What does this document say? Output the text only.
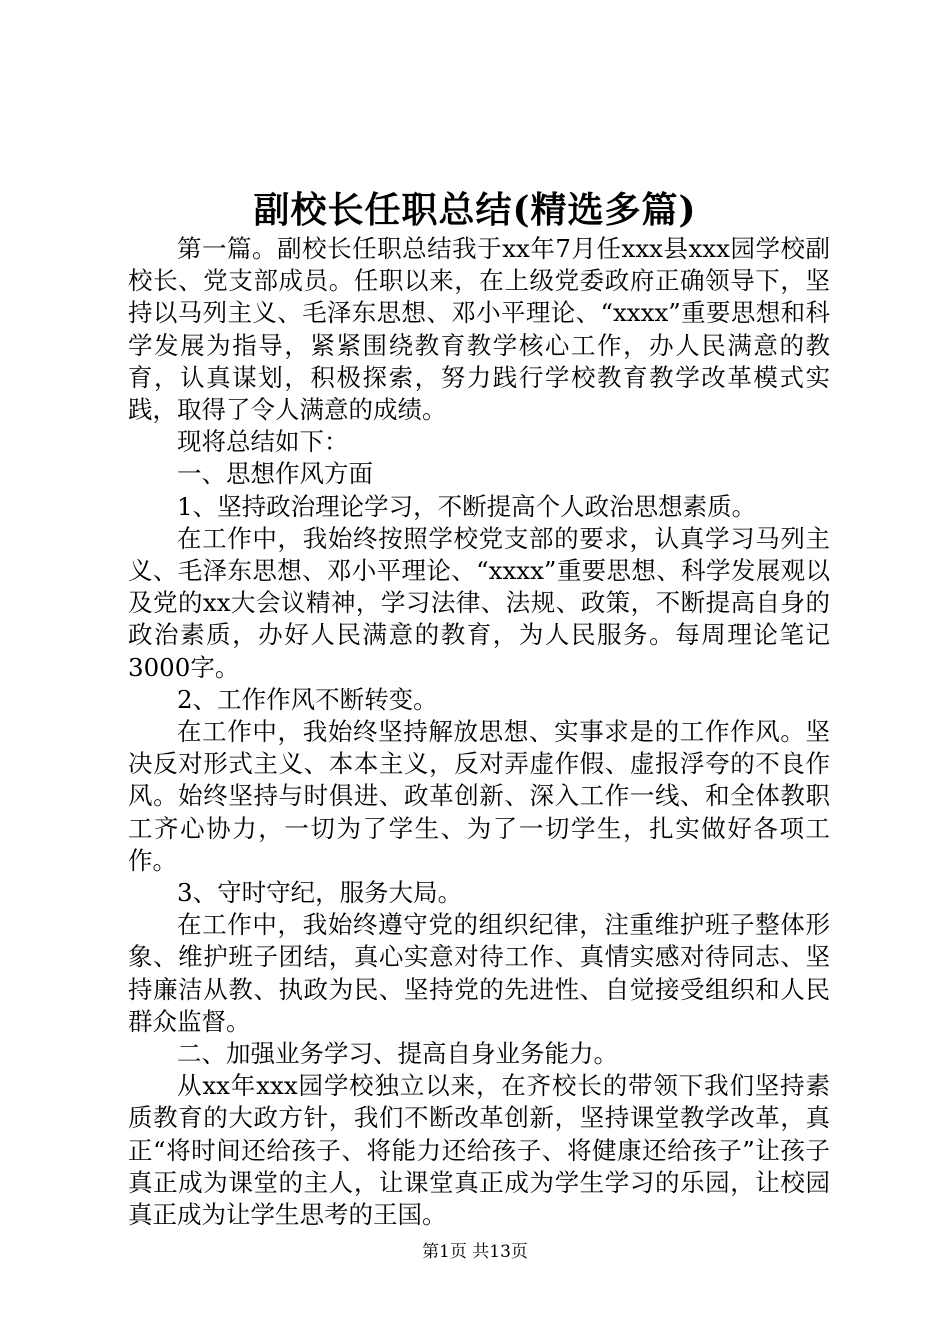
副校长任职总结(精选多篇)

第一篇。副校长任职总结我于xx年7月任xxx县xxx园学校副校长、党支部成员。任职以来，在上级党委政府正确领导下，坚持以马列主义、毛泽东思想、邓小平理论、“xxxx”重要思想和科学发展为指导，紧紧围绕教育教学核心工作，办人民满意的教育，认真谋划，积极探索，努力践行学校教育教学改革模式实践，取得了令人满意的成绩。

现将总结如下：

一、思想作风方面

1、坚持政治理论学习，不断提高个人政治思想素质。

在工作中，我始终按照学校党支部的要求，认真学习马列主义、毛泽东思想、邓小平理论、“xxxx”重要思想、科学发展观以及党的xx大会议精神，学习法律、法规、政策，不断提高自身的政治素质，办好人民满意的教育，为人民服务。每周理论笔记3000字。

2、工作作风不断转变。

在工作中，我始终坚持解放思想、实事求是的工作作风。坚决反对形式主义、本本主义，反对弄虚作假、虚报浮夸的不良作风。始终坚持与时俱进、政革创新、深入工作一线、和全体教职工齐心协力，一切为了学生、为了一切学生，扎实做好各项工作。

3、守时守纪，服务大局。

在工作中，我始终遵守党的组织纪律，注重维护班子整体形象、维护班子团结，真心实意对待工作、真情实感对待同志、坚持廉洁从教、执政为民、坚持党的先进性、自觉接受组织和人民群众监督。

二、加强业务学习、提高自身业务能力。

从xx年xxx园学校独立以来，在齐校长的带领下我们坚持素质教育的大政方针，我们不断改革创新，坚持课堂教学改革，真正“将时间还给孩子、将能力还给孩子、将健康还给孩子”让孩子真正成为课堂的主人，让课堂真正成为学生学习的乐园，让校园真正成为让学生思考的王国。

第1页 共13页
